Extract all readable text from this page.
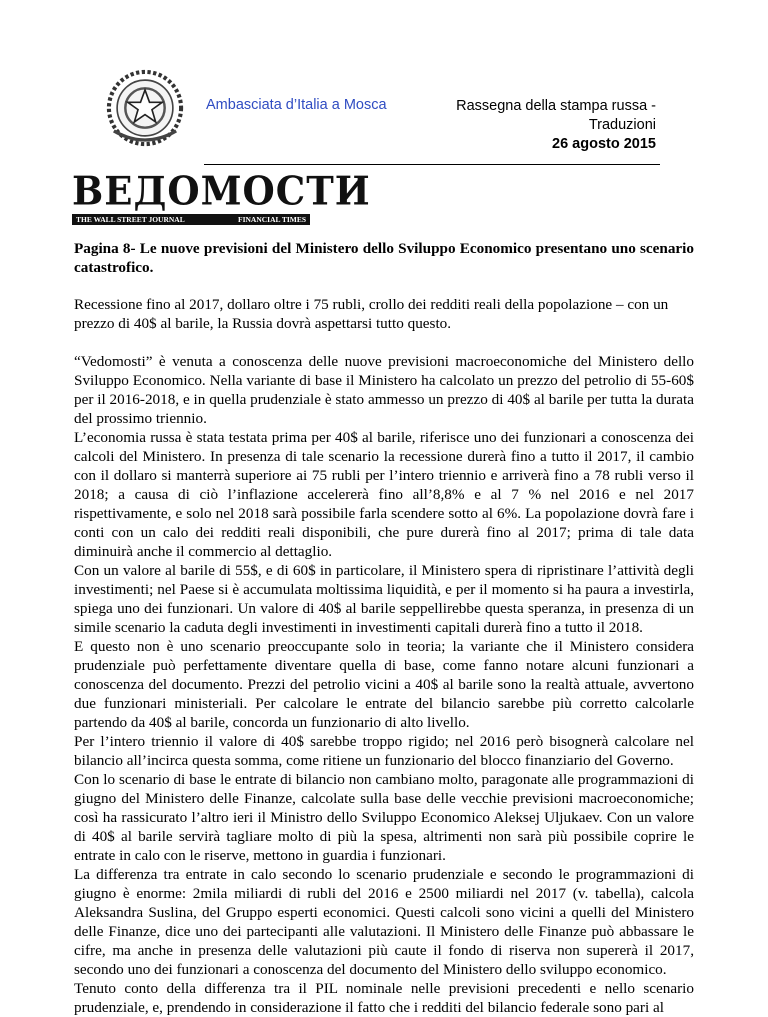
Ambasciata d’Italia a Mosca	Rassegna della stampa russa -
Traduzioni
26 agosto 2015
ВЕДОМОСТИ
THE WALL STREET JOURNAL	FINANCIAL TIMES
Pagina 8- Le nuove previsioni del Ministero dello Sviluppo Economico presentano uno scenario catastrofico.
Recessione fino al 2017, dollaro oltre i 75 rubli, crollo dei redditi reali della popolazione – con un prezzo di 40$ al barile, la Russia dovrà aspettarsi tutto questo.

“Vedomosti” è venuta a conoscenza delle nuove previsioni macroeconomiche del Ministero dello Sviluppo Economico. Nella variante di base il Ministero ha calcolato un prezzo del petrolio di 55-60$ per il 2016-2018, e in quella prudenziale è stato ammesso un prezzo di 40$ al barile per tutta la durata del prossimo triennio.

L’economia russa è stata testata prima per 40$ al barile, riferisce uno dei funzionari a conoscenza dei calcoli del Ministero. In presenza di tale scenario la recessione durerà fino a tutto il 2017, il cambio con il dollaro si manterrà superiore ai 75 rubli per l’intero triennio e arriverà fino a 78 rubli verso il 2018; a causa di ciò l’inflazione accelererà fino all’8,8% e al 7 % nel 2016 e nel 2017 rispettivamente, e solo nel 2018 sarà possibile farla scendere sotto al 6%. La popolazione dovrà fare i conti con un calo dei redditi reali disponibili, che pure durerà fino al 2017; prima di tale data diminuirà anche il commercio al dettaglio.

Con un valore al barile di 55$, e di 60$ in particolare, il Ministero spera di ripristinare l’attività degli investimenti; nel Paese si è accumulata moltissima liquidità, e per il momento si ha paura a investirla, spiega uno dei funzionari. Un valore di 40$ al barile seppellirebbe questa speranza, in presenza di un simile scenario la caduta degli investimenti in investimenti capitali durerà fino a tutto il 2018.

E questo non è uno scenario preoccupante solo in teoria; la variante che il Ministero considera prudenziale può perfettamente diventare quella di base, come fanno notare alcuni funzionari a conoscenza del documento. Prezzi del petrolio vicini a 40$ al barile sono la realtà attuale, avvertono due funzionari ministeriali. Per calcolare le entrate del bilancio sarebbe più corretto calcolarle partendo da 40$ al barile, concorda un funzionario di alto livello.

Per l’intero triennio il valore di 40$ sarebbe troppo rigido; nel 2016 però bisognerà calcolare nel bilancio all’incirca questa somma, come ritiene un funzionario del blocco finanziario del Governo.

Con lo scenario di base le entrate di bilancio non cambiano molto, paragonate alle programmazioni di giugno del Ministero delle Finanze, calcolate sulla base delle vecchie previsioni macroeconomiche; così ha rassicurato l’altro ieri il Ministro dello Sviluppo Economico Aleksej Uljukaev. Con un valore di 40$ al barile servirà tagliare molto di più la spesa, altrimenti non sarà più possibile coprire le entrate in calo con le riserve, mettono in guardia i funzionari.

La differenza tra entrate in calo secondo lo scenario prudenziale e secondo le programmazioni di giugno è enorme: 2mila miliardi di rubli del 2016 e 2500 miliardi nel 2017 (v. tabella), calcola Aleksandra Suslina, del Gruppo esperti economici. Questi calcoli sono vicini a quelli del Ministero delle Finanze, dice uno dei partecipanti alle valutazioni. Il Ministero delle Finanze può abbassare le cifre, ma anche in presenza delle valutazioni più caute il fondo di riserva non supererà il 2017, secondo uno dei funzionari a conoscenza del documento del Ministero dello sviluppo economico.

Tenuto conto della differenza tra il PIL nominale nelle previsioni precedenti e nello scenario prudenziale, e, prendendo in considerazione il fatto che i redditi del bilancio federale sono pari al
